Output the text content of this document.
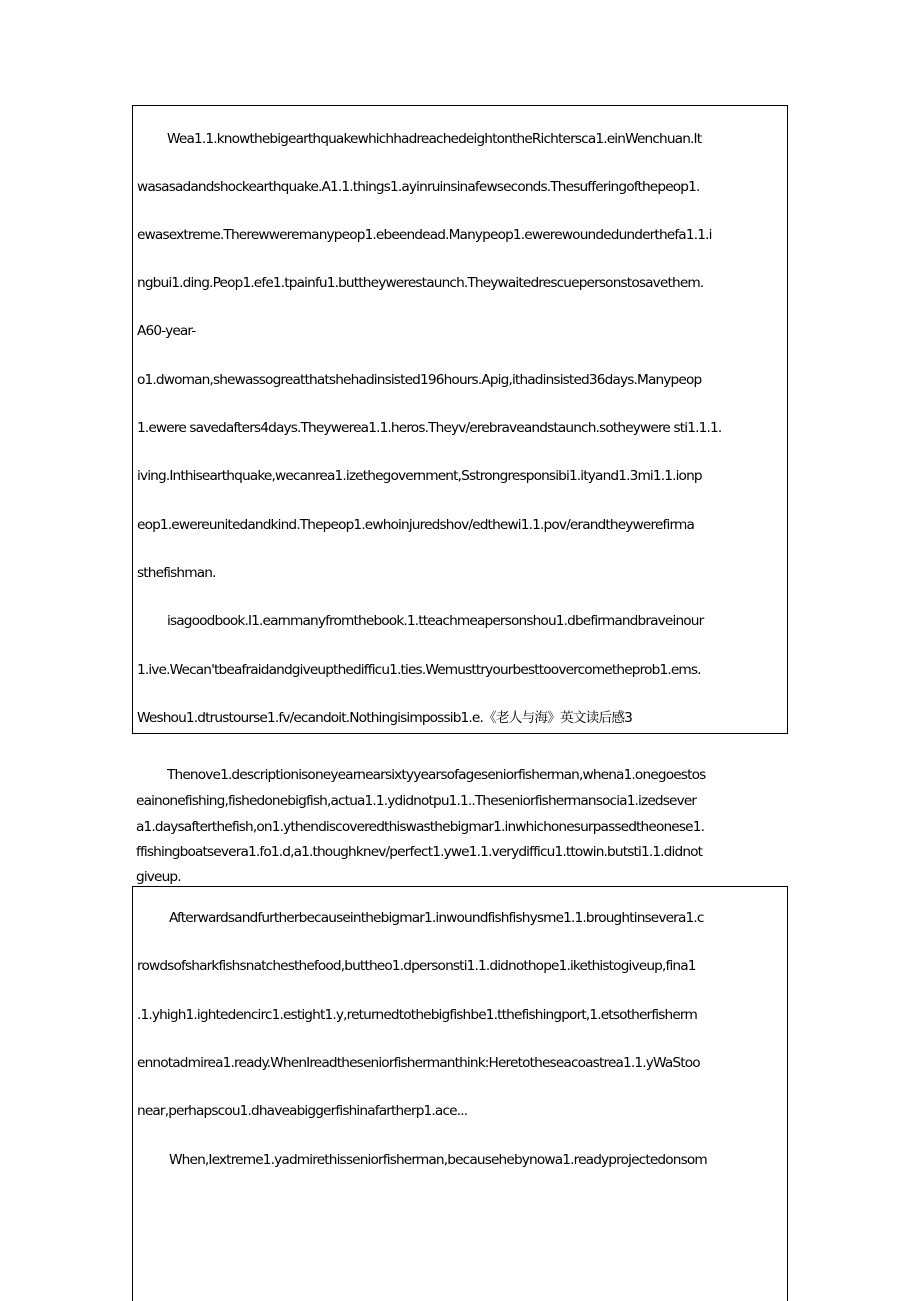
Wea1.1.knowthebigearthquakewhichhadreachedeightontheRichtersca1.einWenchuan.It
wasasadandshockearthquake.A1.1.things1.ayinruinsinafewseconds.Thesufferingofthepeop1.
ewasextreme.Therewweremanypeop1.ebeendead.Manypeop1.ewerewoundedunderthefa1.1.i
ngbui1.ding.Peop1.efe1.tpainfu1.buttheywerestaunch.Theywaitedrescuepersonstosavethem.
A60-year-
o1.dwoman,shewassogreatthatshehadinsisted196hours.Apig,ithadinsisted36days.Manypeop
1.ewere savedafters4days.Theywerea1.1.heros.Theyv/erebraveandstaunch.sotheywere sti1.1.1.
iving.Inthisearthquake,wecanrea1.izethegovernment,Sstrongresponsibi1.ityand1.3mi1.1.ionp
eop1.ewereunitedandkind.Thepeop1.ewhoinjuredshov/edthewi1.1.pov/erandtheywerefirma
sthefishman.
isagoodbook.I1.earnmanyfromthebook.1.tteachmeapersonshou1.dbefirmandbraveinour
1.ive.Wecan'tbeafraidandgiveupthedifficu1.ties.Wemusttryourbesttoovercometheprob1.ems.
Weshou1.dtrustourse1.fv/ecandoit.Nothingisimpossib1.e.《老人与海》英文读后感3
Thenove1.descriptionisoneyearnearsixtyyearsofageseniorfisherman,whena1.onegoestos
eainonefishing,fishedonebigfish,actua1.1.ydidnotpu1.1..Theseniorfishermansocia1.izedsever
a1.daysafterthefish,on1.ythendiscoveredthiswasthebigmar1.inwhichonesurpassedtheonese1.
ffishingboatsevera1.fo1.d,a1.thoughknev/perfect1.ywe1.1.verydifficu1.ttowin.butsti1.1.didnot
giveup.
Afterwardsandfurtherbecauseinthebigmar1.inwoundfishfishysme1.1.broughtinsevera1.c
rowdsofsharkfishsnatchesthefood,buttheo1.dpersonsti1.1.didnothope1.ikethistogiveup,fina1
.1.yhigh1.ightedencirc1.estight1.y,returnedtothebigfishbe1.tthefishingport,1.etsotherfisherm
ennotadmirea1.ready.WhenIreadtheseniorfishermanthink:Heretotheseacoastrea1.1.yWaStoo
near,perhapscou1.dhaveabiggerfishinafartherp1.ace...
When,Iextreme1.yadmirethisseniorfisherman,becausehebynowa1.readyprojectedonsom
